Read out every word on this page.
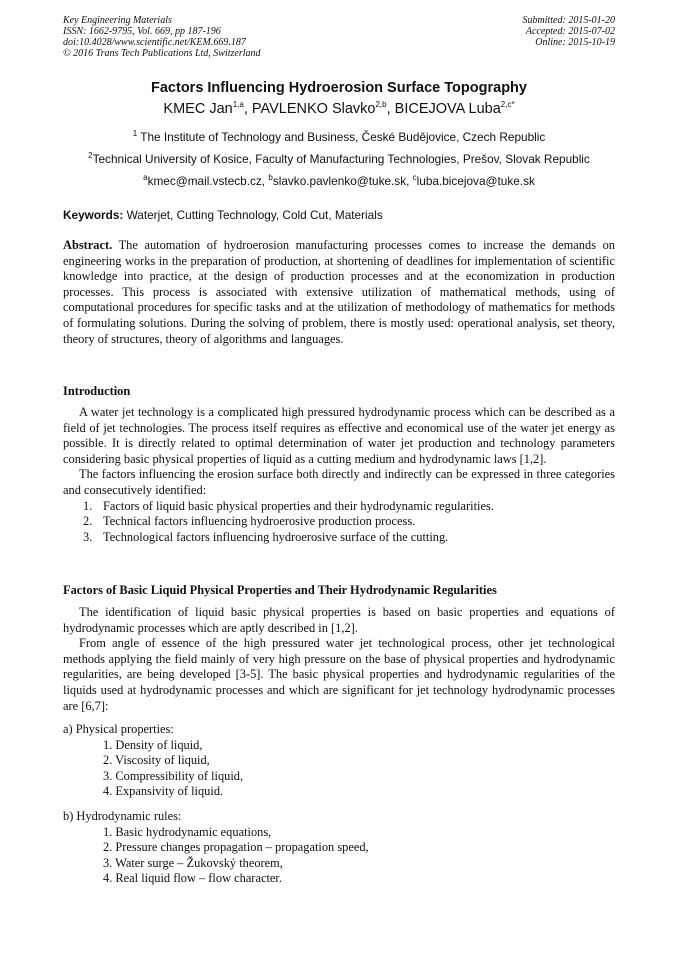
Key Engineering Materials
ISSN: 1662-9795, Vol. 669, pp 187-196
doi:10.4028/www.scientific.net/KEM.669.187
© 2016 Trans Tech Publications Ltd, Switzerland
Submitted: 2015-01-20
Accepted: 2015-07-02
Online: 2015-10-19
Factors Influencing Hydroerosion Surface Topography
KMEC Jan$^{1,a}$, PAVLENKO Slavko$^{2,b}$, BICEJOVA Luba$^{2,c*}$
$^1$ The Institute of Technology and Business, České Budějovice, Czech Republic
$^2$Technical University of Kosice, Faculty of Manufacturing Technologies, Prešov, Slovak Republic
$^a$kmec@mail.vstecb.cz, $^b$slavko.pavlenko@tuke.sk, $^c$luba.bicejova@tuke.sk
Keywords: Waterjet, Cutting Technology, Cold Cut, Materials

Abstract. The automation of hydroerosion manufacturing processes comes to increase the demands on engineering works in the preparation of production, at shortening of deadlines for implementation of scientific knowledge into practice, at the design of production processes and at the economization in production processes. This process is associated with extensive utilization of mathematical methods, using of computational procedures for specific tasks and at the utilization of methodology of mathematics for methods of formulating solutions. During the solving of problem, there is mostly used: operational analysis, set theory, theory of structures, theory of algorithms and languages.

Introduction

A water jet technology is a complicated high pressured hydrodynamic process which can be described as a field of jet technologies. The process itself requires as effective and economical use of the water jet energy as possible. It is directly related to optimal determination of water jet production and technology parameters considering basic physical properties of liquid as a cutting medium and hydrodynamic laws [1,2].

The factors influencing the erosion surface both directly and indirectly can be expressed in three categories and consecutively identified:

1. Factors of liquid basic physical properties and their hydrodynamic regularities.
2. Technical factors influencing hydroerosive production process.
3. Technological factors influencing hydroerosive surface of the cutting.
Factors of Basic Liquid Physical Properties and Their Hydrodynamic Regularities

The identification of liquid basic physical properties is based on basic properties and equations of hydrodynamic processes which are aptly described in [1,2].

From angle of essence of the high pressured water jet technological process, other jet technological methods applying the field mainly of very high pressure on the base of physical properties and hydrodynamic regularities, are being developed [3-5]. The basic physical properties and hydrodynamic regularities of the liquids used at hydrodynamic processes and which are significant for jet technology hydrodynamic processes are [6,7]:

a) Physical properties:

1. Density of liquid,
2. Viscosity of liquid,
3. Compressibility of liquid,
4. Expansivity of liquid.

b) Hydrodynamic rules:

1. Basic hydrodynamic equations,
2. Pressure changes propagation – propagation speed,
3. Water surge – Žukovský theorem,
4. Real liquid flow – flow character.
